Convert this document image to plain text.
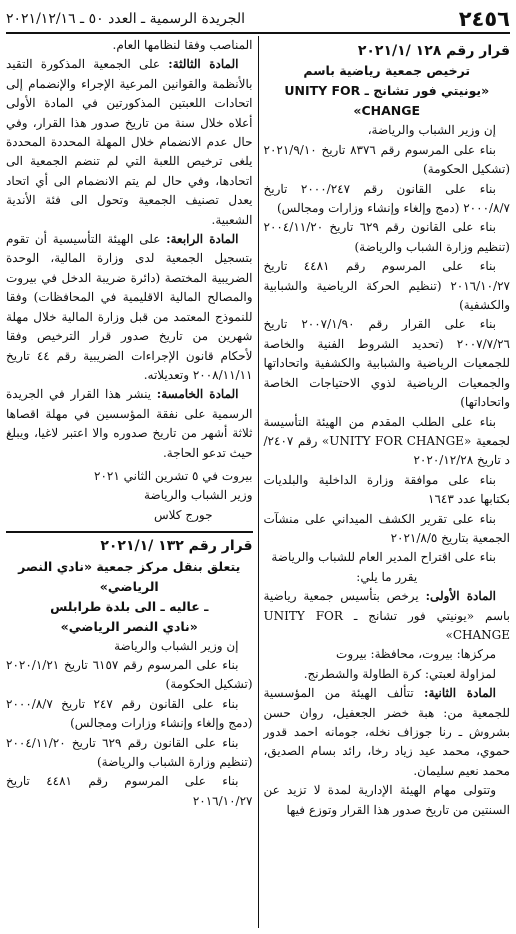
٢٤٥٦
الجريدة الرسمية ـ العدد ٥٠ ـ ٢٠٢١/١٢/١٦
قرار رقم ١٢٨ /٢٠٢١/١
ترخيص جمعية رياضية باسم
«يونيتي فور تشانج ـ UNITY FOR CHANGE»

إن وزير الشباب والرياضة،

بناء على المرسوم رقم ٨٣٧٦ تاريخ ٢٠٢١/٩/١٠ (تشكيل الحكومة)

بناء على القانون رقم ٢٠٠٠/٢٤٧ تاريخ ٢٠٠٠/٨/٧ (دمج وإلغاء وإنشاء وزارات ومجالس)

بناء على القانون رقم ٦٢٩ تاريخ ٢٠٠٤/١١/٢٠ (تنظيم وزارة الشباب والرياضة)

بناء على المرسوم رقم ٤٤٨١ تاريخ ٢٠١٦/١٠/٢٧ (تنظيم الحركة الرياضية والشبابية والكشفية)

بناء على القرار رقم ٢٠٠٧/١/٩٠ تاريخ ٢٠٠٧/٧/٢٦ (تحديد الشروط الفنية والخاصة للجمعيات الرياضية والشبابية والكشفية واتحاداتها والجمعيات الرياضية لذوي الاحتياجات الخاصة واتحاداتها)

بناء على الطلب المقدم من الهيئة التأسيسة لجمعية «UNITY FOR CHANGE» رقم ٢٤٠٧/د تاريخ ٢٠٢٠/١٢/٢٨

بناء على موافقة وزارة الداخلية والبلديات بكتابها عدد ١٦٤٣

بناء على تقرير الكشف الميداني على منشآت الجمعية بتاريخ ٢٠٢١/٨/٥

بناء على اقتراح المدير العام للشباب والرياضة

يقرر ما يلي:

المادة الأولى: يرخص بتأسيس جمعية رياضية باسم «يونيتي فور تشانج ـ UNITY FOR CHANGE»

مركزها: بيروت، محافظة: بيروت

لمزاولة لعبتي: كرة الطاولة والشطرنج.

المادة الثانية: تتألف الهيئة من المؤسسية للجمعية من: هبة خضر الجعفيل، روان حسن بشروش ـ رنا جوزاف نخله، جومانه احمد قدور حموي، محمد عيد زياد رخا، رائد بسام الصديق، محمد نعيم سليمان.

وتتولى مهام الهيئة الإدارية لمدة لا تزيد عن السنتين من تاريخ صدور هذا القرار وتوزع فيها

المناصب وفقا لنظامها العام.

المادة الثالثة: على الجمعية المذكورة التقيد بالأنظمة والقوانين المرعية الإجراء والإنضمام إلى اتحادات اللعبتين المذكورتين في المادة الأولى أعلاه خلال سنة من تاريخ صدور هذا القرار، وفي حال عدم الانضمام خلال المهلة المحددة المحددة يلغى ترخيص اللعبة التي لم تنضم الجمعية الى اتحادها، وفي حال لم يتم الانضمام الى أي اتحاد يعدل تصنيف الجمعية وتحول الى فئة الأندية الشعبية.

المادة الرابعة: على الهيئة التأسيسية أن تقوم بتسجيل الجمعية لدى وزارة المالية، الوحدة الضريبية المختصة (دائرة ضريبة الدخل في بيروت والمصالح المالية الاقليمية في المحافظات) وفقا للنموذج المعتمد من قبل وزارة المالية خلال مهلة شهرين من تاريخ صدور قرار الترخيص وفقا لأحكام قانون الإجراءات الضريبية رقم ٤٤ تاريخ ٢٠٠٨/١١/١١ وتعديلاته.

المادة الخامسة: ينشر هذا القرار في الجريدة الرسمية على نفقة المؤسسين في مهلة اقصاها ثلاثة أشهر من تاريخ صدوره والا اعتبر لاغيا، ويبلغ حيث تدعو الحاجة.

بيروت في ٥ تشرين الثاني ٢٠٢١

وزير الشباب والرياضة

جورج كلاس

قرار رقم ١٣٢ /٢٠٢١/١
يتعلق بنقل مركز جمعية «نادي النصر الرياضي»
ـ عاليه ـ الى بلدة طرابلس
«نادي النصر الرياضي»

إن وزير الشباب والرياضة

بناء على المرسوم رقم ٦١٥٧ تاريخ ٢٠٢٠/١/٢١ (تشكيل الحكومة)

بناء على القانون رقم ٢٤٧ تاريخ ٢٠٠٠/٨/٧ (دمج وإلغاء وإنشاء وزارات ومجالس)

بناء على القانون رقم ٦٢٩ تاريخ ٢٠٠٤/١١/٢٠ (تنظيم وزارة الشباب والرياضة)

بناء على المرسوم رقم ٤٤٨١ تاريخ ٢٠١٦/١٠/٢٧
